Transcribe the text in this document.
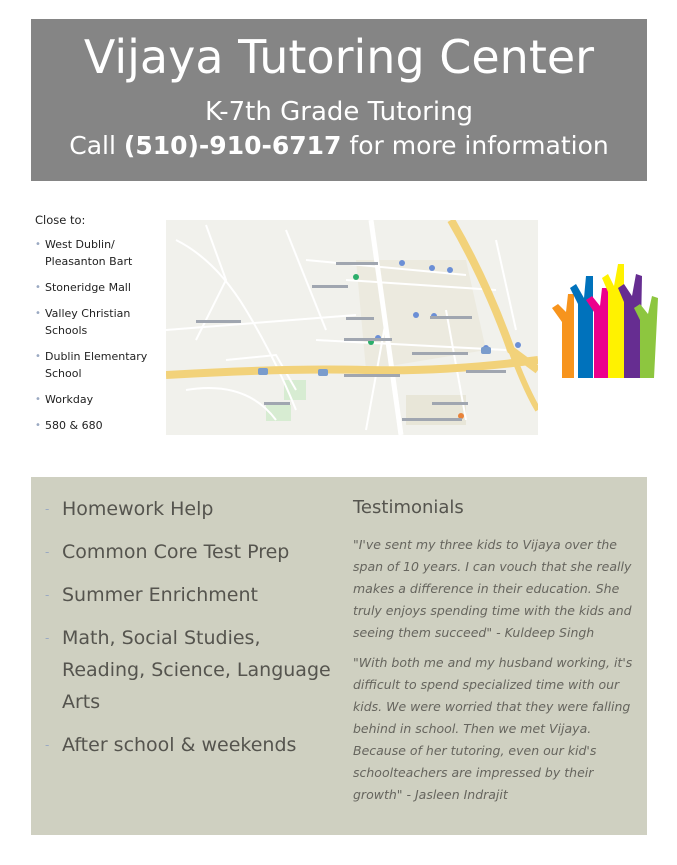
Vijaya Tutoring Center
K-7th Grade Tutoring
Call (510)-910-6717 for more information
Close to:
• West Dublin/ Pleasanton Bart
• Stoneridge Mall
• Valley Christian Schools
• Dublin Elementary School
• Workday
• 580 & 680
- Homework Help
- Common Core Test Prep
- Summer Enrichment
- Math, Social Studies, Reading, Science, Language Arts
- After school & weekends
Testimonials
"I've sent my three kids to Vijaya over the span of 10 years. I can vouch that she really makes a difference in their education. She truly enjoys spending time with the kids and seeing them succeed" - Kuldeep Singh
"With both me and my husband working, it's difficult to spend specialized time with our kids. We were worried that they were falling behind in school. Then we met Vijaya. Because of her tutoring, even our kid's schoolteachers are impressed by their growth" - Jasleen Indrajit
